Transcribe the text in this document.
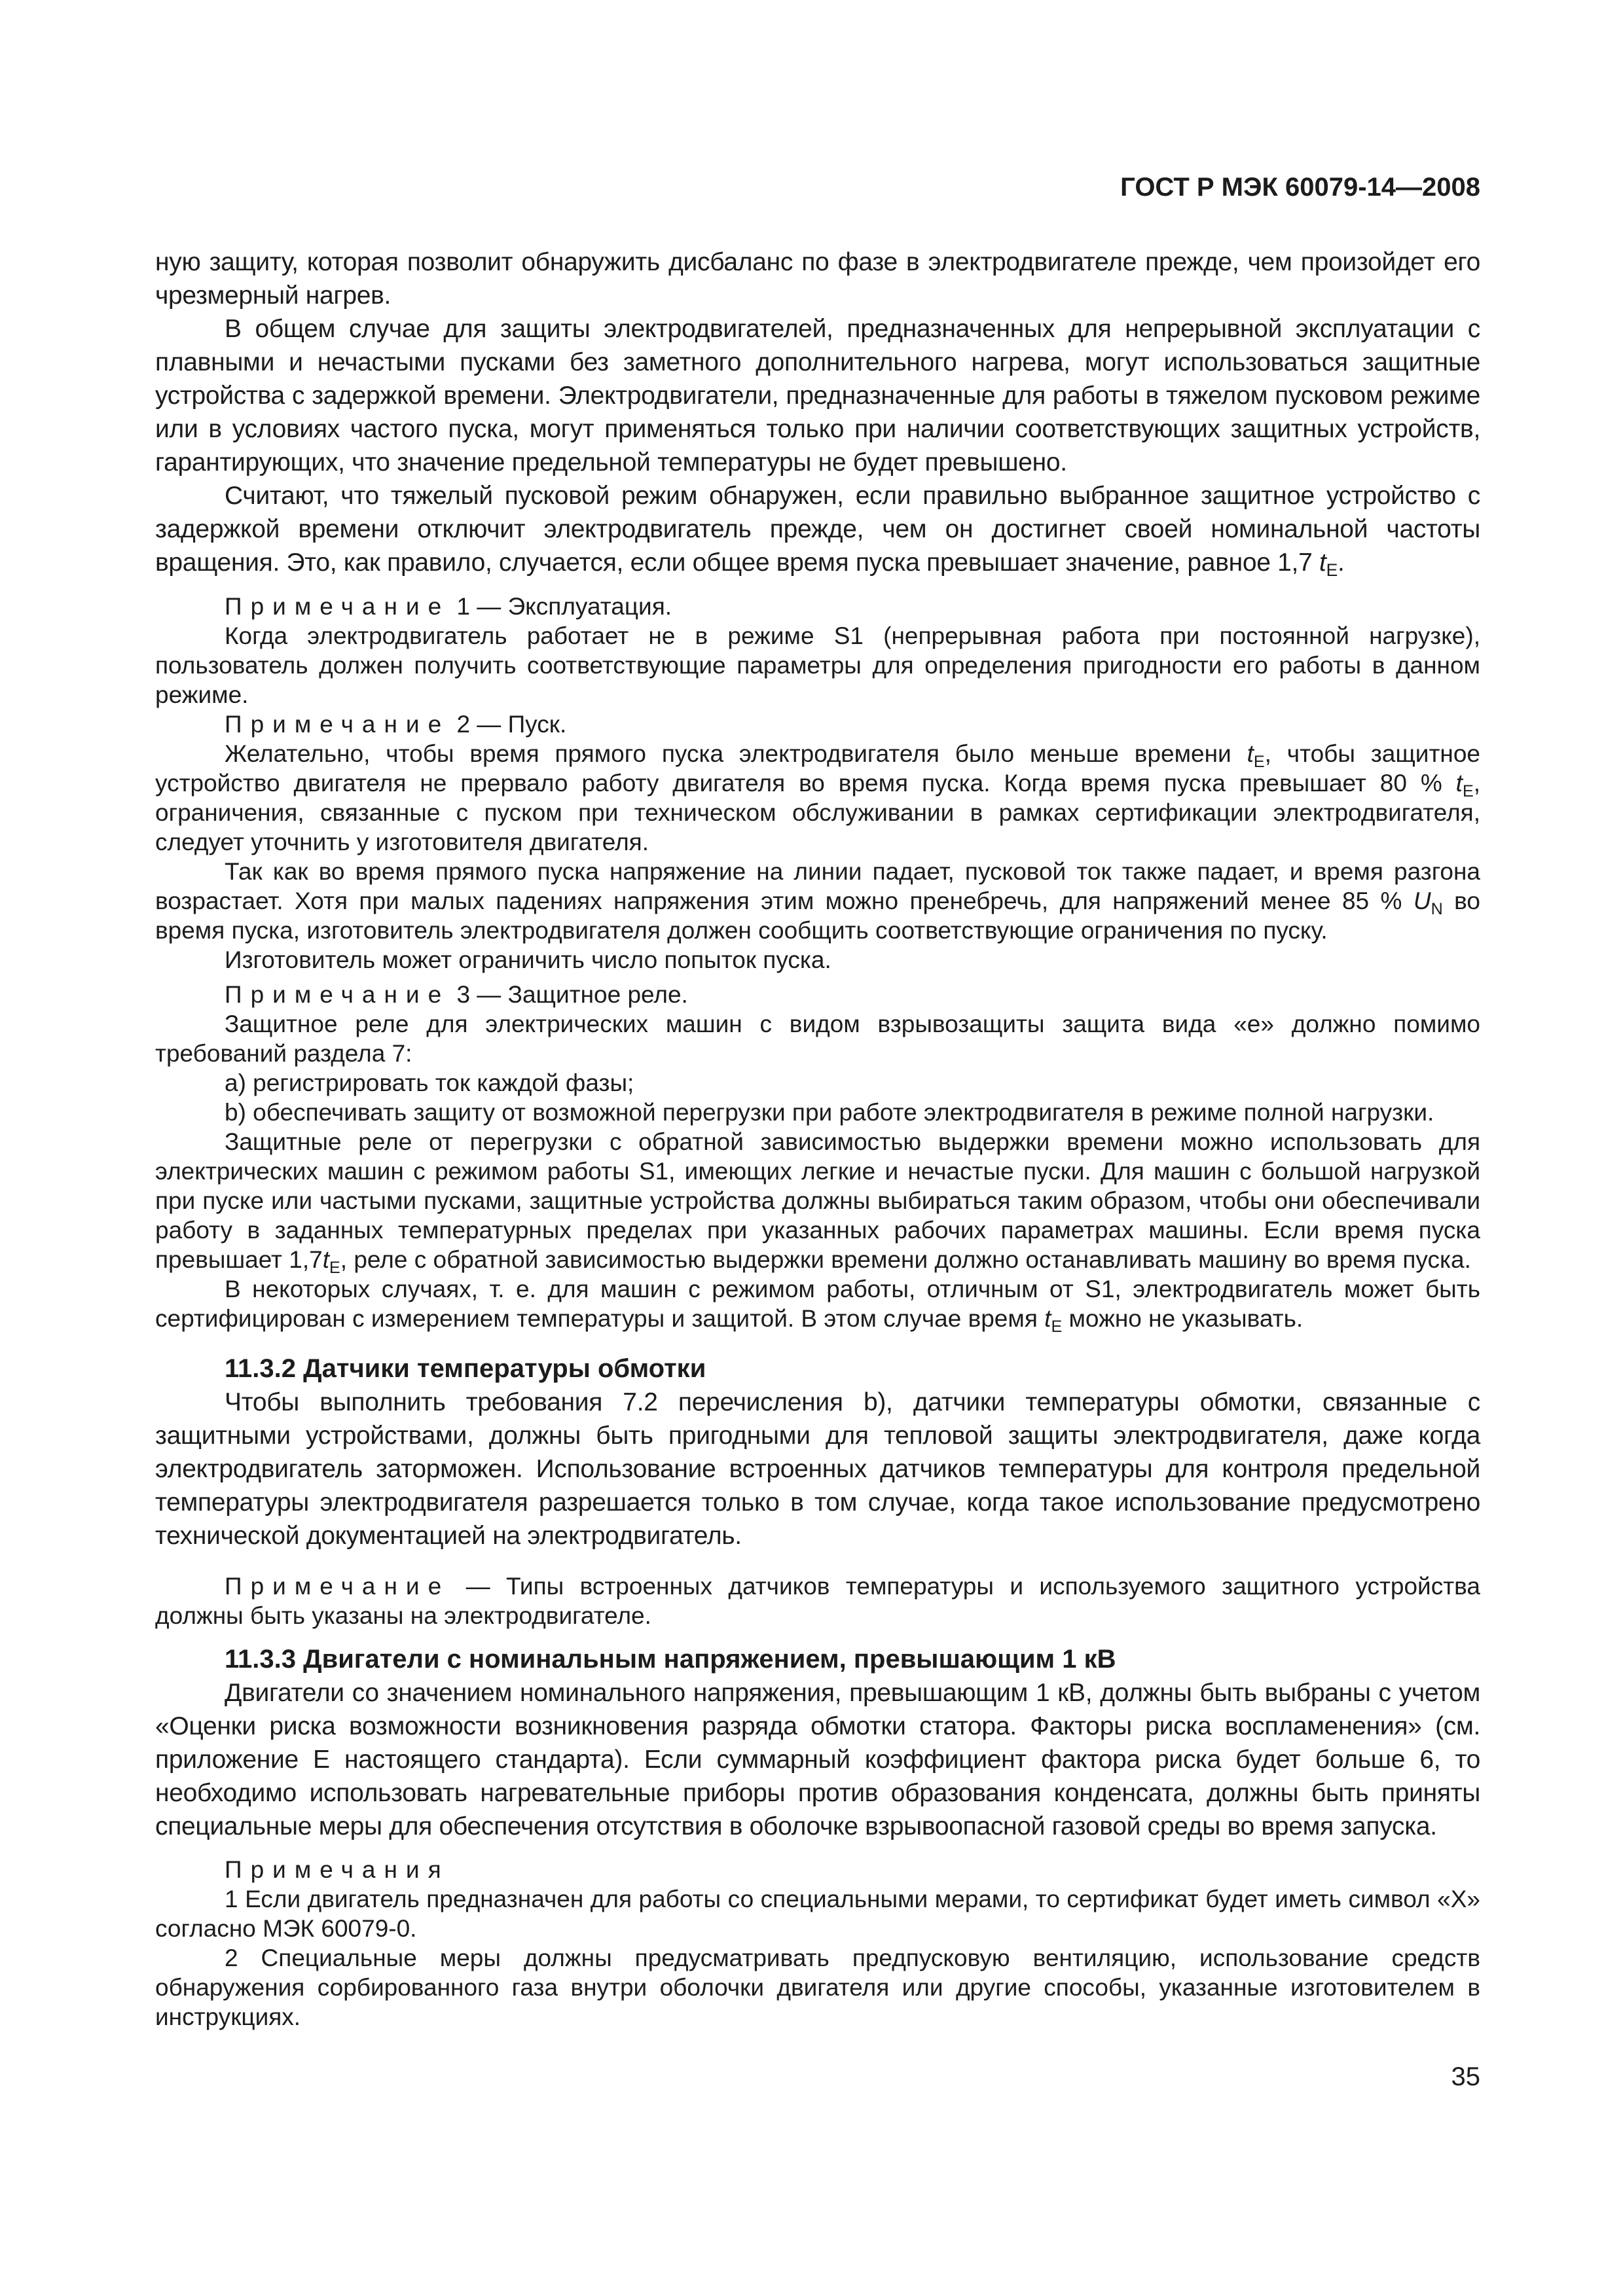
ГОСТ Р МЭК 60079-14—2008

ную защиту, которая позволит обнаружить дисбаланс по фазе в электродвигателе прежде, чем произойдет его чрезмерный нагрев.

В общем случае для защиты электродвигателей, предназначенных для непрерывной эксплуатации с плавными и нечастыми пусками без заметного дополнительного нагрева, могут использоваться защитные устройства с задержкой времени. Электродвигатели, предназначенные для работы в тяжелом пусковом режиме или в условиях частого пуска, могут применяться только при наличии соответствующих защитных устройств, гарантирующих, что значение предельной температуры не будет превышено.

Считают, что тяжелый пусковой режим обнаружен, если правильно выбранное защитное устройство с задержкой времени отключит электродвигатель прежде, чем он достигнет своей номинальной частоты вращения. Это, как правило, случается, если общее время пуска превышает значение, равное 1,7 $t_E$.

Примечание 1 — Эксплуатация.

Когда электродвигатель работает не в режиме S1 (непрерывная работа при постоянной нагрузке), пользователь должен получить соответствующие параметры для определения пригодности его работы в данном режиме.

Примечание 2 — Пуск.

Желательно, чтобы время прямого пуска электродвигателя было меньше времени $t_E$, чтобы защитное устройство двигателя не прервало работу двигателя во время пуска. Когда время пуска превышает 80 % $t_E$, ограничения, связанные с пуском при техническом обслуживании в рамках сертификации электродвигателя, следует уточнить у изготовителя двигателя.

Так как во время прямого пуска напряжение на линии падает, пусковой ток также падает, и время разгона возрастает. Хотя при малых падениях напряжения этим можно пренебречь, для напряжений менее 85 % $U_N$ во время пуска, изготовитель электродвигателя должен сообщить соответствующие ограничения по пуску.

Изготовитель может ограничить число попыток пуска.

Примечание 3 — Защитное реле.

Защитное реле для электрических машин с видом взрывозащиты защита вида «е» должно помимо требований раздела 7:

а) регистрировать ток каждой фазы;

b) обеспечивать защиту от возможной перегрузки при работе электродвигателя в режиме полной нагрузки.

Защитные реле от перегрузки с обратной зависимостью выдержки времени можно использовать для электрических машин с режимом работы S1, имеющих легкие и нечастые пуски. Для машин с большой нагрузкой при пуске или частыми пусками, защитные устройства должны выбираться таким образом, чтобы они обеспечивали работу в заданных температурных пределах при указанных рабочих параметрах машины. Если время пуска превышает $1,7t_E$, реле с обратной зависимостью выдержки времени должно останавливать машину во время пуска.

В некоторых случаях, т. е. для машин с режимом работы, отличным от S1, электродвигатель может быть сертифицирован с измерением температуры и защитой. В этом случае время $t_E$ можно не указывать.

11.3.2 Датчики температуры обмотки

Чтобы выполнить требования 7.2 перечисления b), датчики температуры обмотки, связанные с защитными устройствами, должны быть пригодными для тепловой защиты электродвигателя, даже когда электродвигатель заторможен. Использование встроенных датчиков температуры для контроля предельной температуры электродвигателя разрешается только в том случае, когда такое использование предусмотрено технической документацией на электродвигатель.

Примечание — Типы встроенных датчиков температуры и используемого защитного устройства должны быть указаны на электродвигателе.

11.3.3 Двигатели с номинальным напряжением, превышающим 1 кВ

Двигатели со значением номинального напряжения, превышающим 1 кВ, должны быть выбраны с учетом «Оценки риска возможности возникновения разряда обмотки статора. Факторы риска воспламенения» (см. приложение Е настоящего стандарта). Если суммарный коэффициент фактора риска будет больше 6, то необходимо использовать нагревательные приборы против образования конденсата, должны быть приняты специальные меры для обеспечения отсутствия в оболочке взрывоопасной газовой среды во время запуска.

Примечания

1 Если двигатель предназначен для работы со специальными мерами, то сертификат будет иметь символ «Х» согласно МЭК 60079-0.

2 Специальные меры должны предусматривать предпусковую вентиляцию, использование средств обнаружения сорбированного газа внутри оболочки двигателя или другие способы, указанные изготовителем в инструкциях.

35
